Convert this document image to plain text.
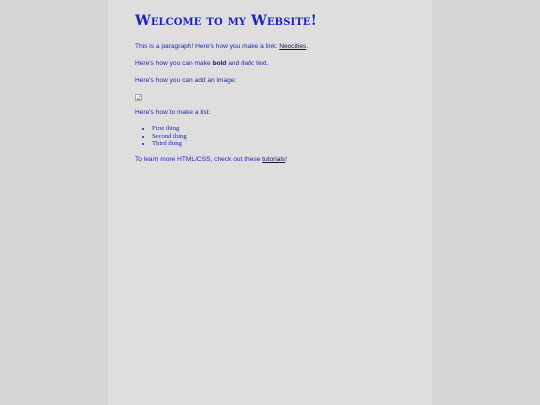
Welcome to my Website!

This is a paragraph! Here's how you make a link: Neocities.

Here's how you can make bold and italic text.

Here's how you can add an image:

Here's how to make a list:

• First thing
• Second thing
• Third thing

To learn more HTML/CSS, check out these tutorials!
